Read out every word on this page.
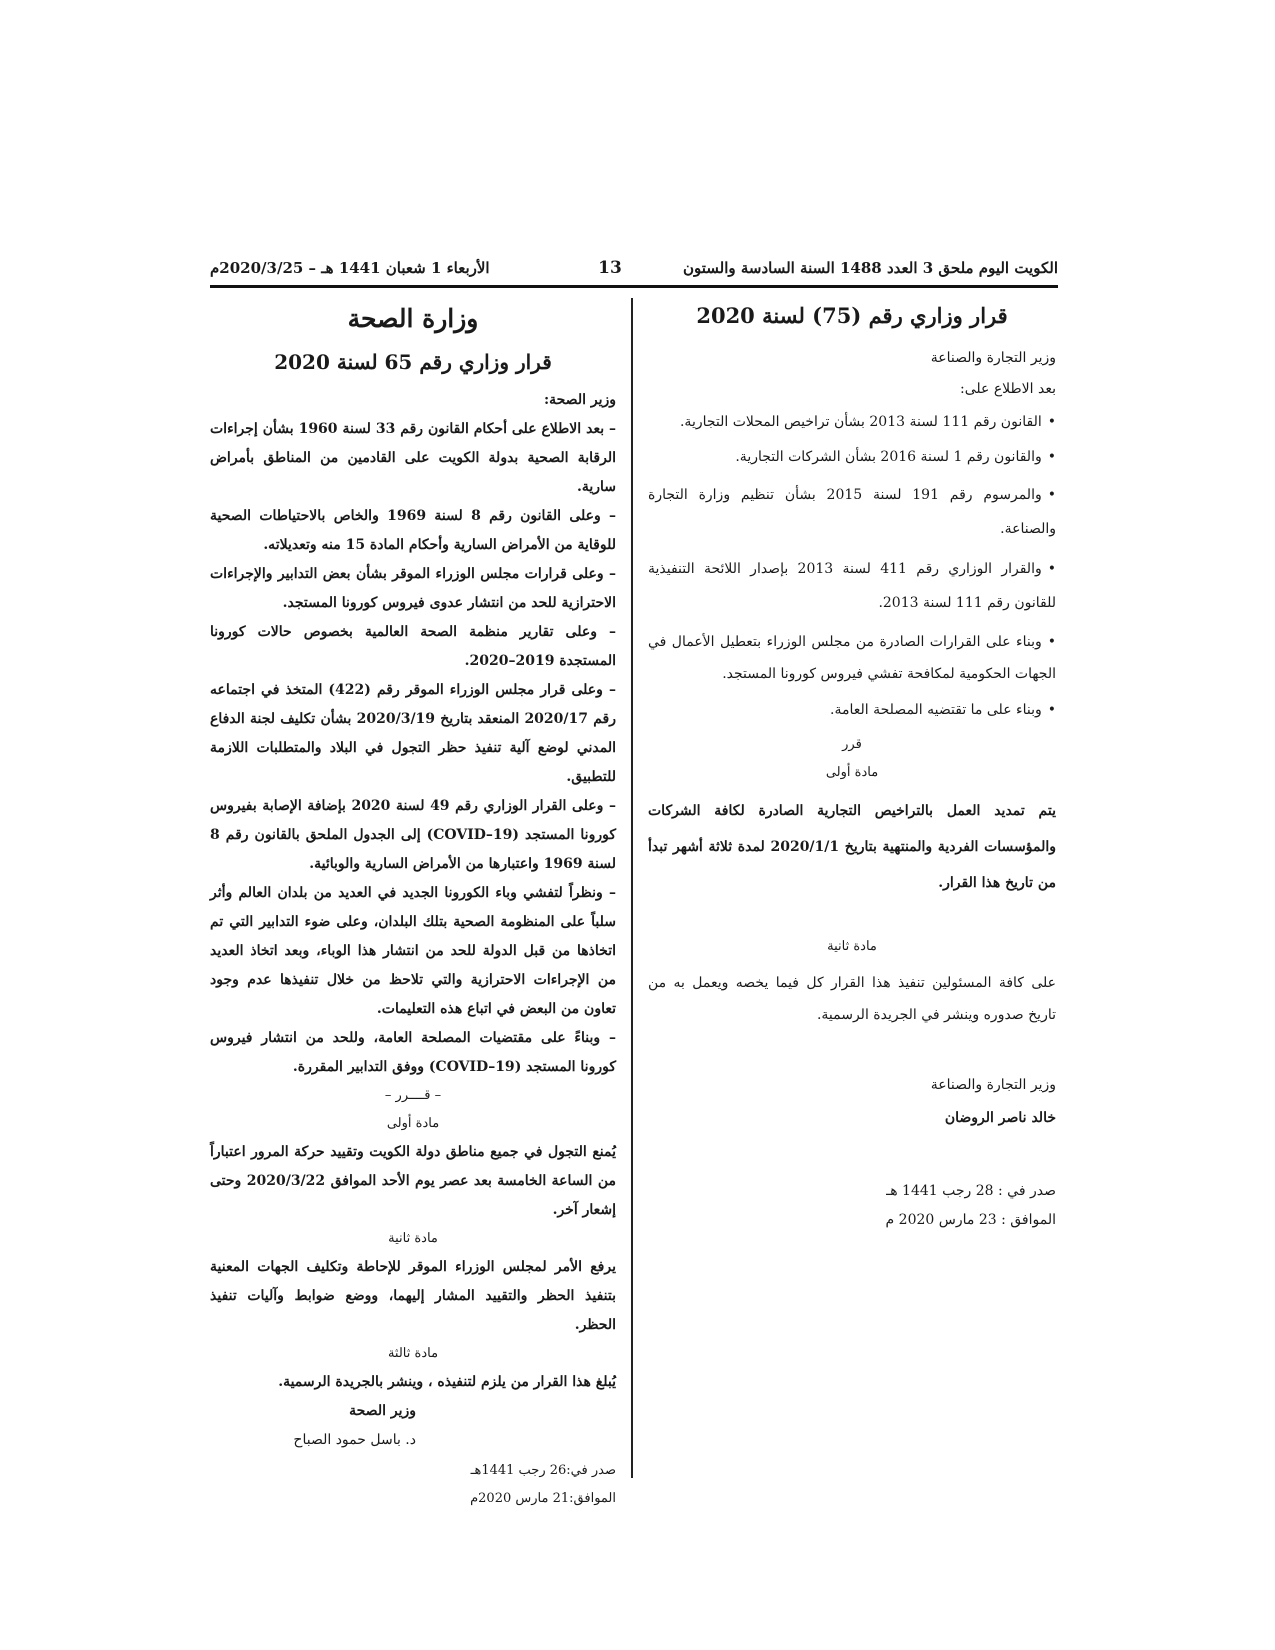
الكويت اليوم ملحق 3 العدد 1488 السنة السادسة والستون
13
الأربعاء 1 شعبان 1441 هـ – 2020/3/25م

قرار وزاري رقم (75) لسنة 2020

وزير التجارة والصناعة

بعد الاطلاع على:

•القانون رقم 111 لسنة 2013 بشأن تراخيص المحلات التجارية.

•والقانون رقم 1 لسنة 2016 بشأن الشركات التجارية.

•والمرسوم رقم 191 لسنة 2015 بشأن تنظيم وزارة التجارة والصناعة.

•والقرار الوزاري رقم 411 لسنة 2013 بإصدار اللائحة التنفيذية للقانون رقم 111 لسنة 2013.

•وبناء على القرارات الصادرة من مجلس الوزراء بتعطيل الأعمال في الجهات الحكومية لمكافحة تفشي فيروس كورونا المستجد.

•وبناء على ما تقتضيه المصلحة العامة.

قرر

مادة أولى

يتم تمديد العمل بالتراخيص التجارية الصادرة لكافة الشركات والمؤسسات الفردية والمنتهية بتاريخ 2020/1/1 لمدة ثلاثة أشهر تبدأ من تاريخ هذا القرار.

مادة ثانية

على كافة المسئولين تنفيذ هذا القرار كل فيما يخصه ويعمل به من تاريخ صدوره وينشر في الجريدة الرسمية.

وزير التجارة والصناعة

خالد ناصر الروضان

صدر في : 28 رجب 1441 هـ

الموافق : 23 مارس 2020 م

وزارة الصحة

قرار وزاري رقم 65 لسنة 2020

وزير الصحة:

– بعد الاطلاع على أحكام القانون رقم 33 لسنة 1960 بشأن إجراءات الرقابة الصحية بدولة الكويت على القادمين من المناطق بأمراض سارية.

– وعلى القانون رقم 8 لسنة 1969 والخاص بالاحتياطات الصحية للوقاية من الأمراض السارية وأحكام المادة 15 منه وتعديلاته.

– وعلى قرارات مجلس الوزراء الموقر بشأن بعض التدابير والإجراءات الاحترازية للحد من انتشار عدوى فيروس كورونا المستجد.

– وعلى تقارير منظمة الصحة العالمية بخصوص حالات كورونا المستجدة 2019–2020.

– وعلى قرار مجلس الوزراء الموقر رقم (422) المتخذ في اجتماعه رقم 2020/17 المنعقد بتاريخ 2020/3/19 بشأن تكليف لجنة الدفاع المدني لوضع آلية تنفيذ حظر التجول في البلاد والمتطلبات اللازمة للتطبيق.

– وعلى القرار الوزاري رقم 49 لسنة 2020 بإضافة الإصابة بفيروس كورونا المستجد (COVID–19) إلى الجدول الملحق بالقانون رقم 8 لسنة 1969 واعتبارها من الأمراض السارية والوبائية.

– ونظراً لتفشي وباء الكورونا الجديد في العديد من بلدان العالم وأثر سلباً على المنظومة الصحية بتلك البلدان، وعلى ضوء التدابير التي تم اتخاذها من قبل الدولة للحد من انتشار هذا الوباء، وبعد اتخاذ العديد من الإجراءات الاحترازية والتي تلاحظ من خلال تنفيذها عدم وجود تعاون من البعض في اتباع هذه التعليمات.

– وبناءً على مقتضيات المصلحة العامة، وللحد من انتشار فيروس كورونا المستجد (COVID–19) ووفق التدابير المقررة.

– قــــرر –

مادة أولى

يُمنع التجول في جميع مناطق دولة الكويت وتقييد حركة المرور اعتباراً من الساعة الخامسة بعد عصر يوم الأحد الموافق 2020/3/22 وحتى إشعار آخر.

مادة ثانية

يرفع الأمر لمجلس الوزراء الموقر للإحاطة وتكليف الجهات المعنية بتنفيذ الحظر والتقييد المشار إليهما، ووضع ضوابط وآليات تنفيذ الحظر.

مادة ثالثة

يُبلغ هذا القرار من يلزم لتنفيذه ، وينشر بالجريدة الرسمية.

وزير الصحة

د. باسل حمود الصباح

صدر في:26 رجب 1441هـ

الموافق:21 مارس 2020م
